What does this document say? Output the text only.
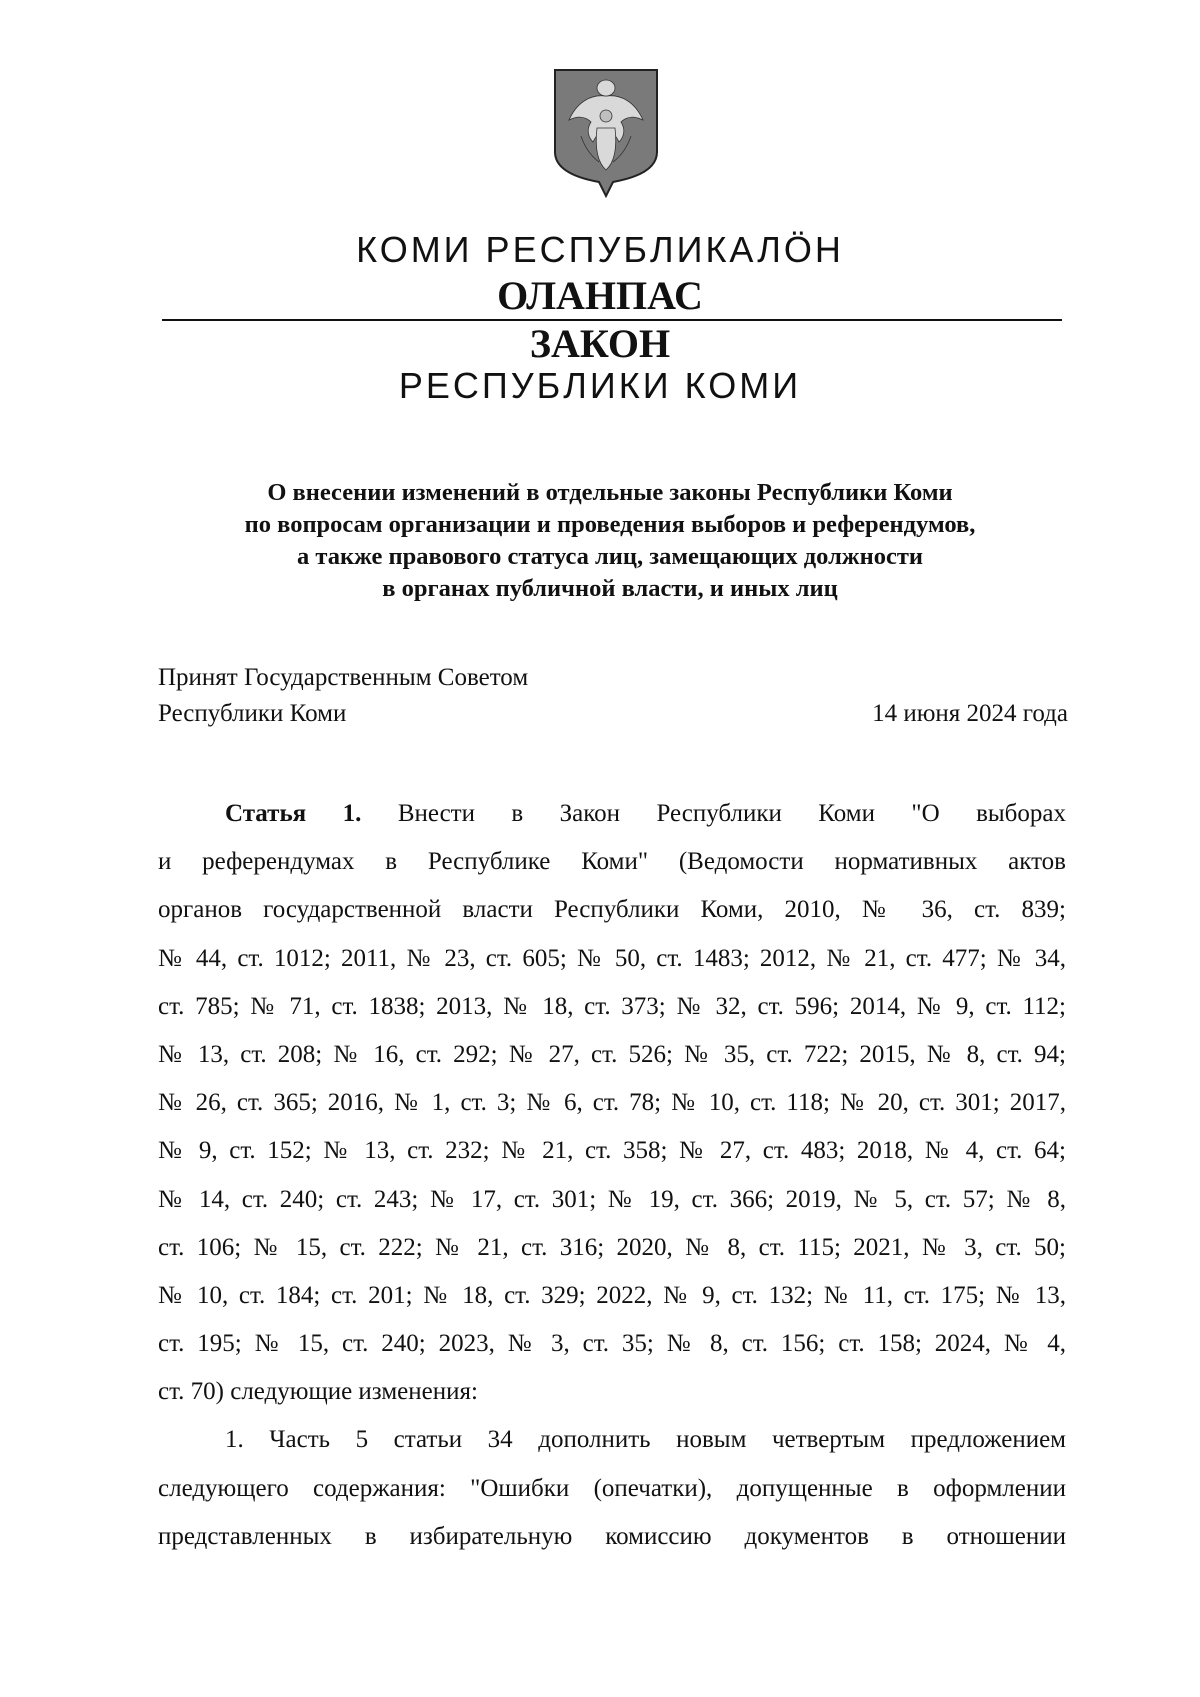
КОМИ РЕСПУБЛИКАЛÖН
ОЛАНПАС
ЗАКОН
РЕСПУБЛИКИ КОМИ
О внесении изменений в отдельные законы Республики Коми
по вопросам организации и проведения выборов и референдумов,
а также правового статуса лиц, замещающих должности
в органах публичной власти, и иных лиц
Принят Государственным Советом
Республики Коми	14 июня 2024 года
Статья 1. Внести в Закон Республики Коми "О выборах
и референдумах в Республике Коми" (Ведомости нормативных актов
органов государственной власти Республики Коми, 2010, № 36, ст. 839;
№ 44, ст. 1012; 2011, № 23, ст. 605; № 50, ст. 1483; 2012, № 21, ст. 477; № 34,
ст. 785; № 71, ст. 1838; 2013, № 18, ст. 373; № 32, ст. 596; 2014, № 9, ст. 112;
№ 13, ст. 208; № 16, ст. 292; № 27, ст. 526; № 35, ст. 722; 2015, № 8, ст. 94;
№ 26, ст. 365; 2016, № 1, ст. 3; № 6, ст. 78; № 10, ст. 118; № 20, ст. 301; 2017,
№ 9, ст. 152; № 13, ст. 232; № 21, ст. 358; № 27, ст. 483; 2018, № 4, ст. 64;
№ 14, ст. 240; ст. 243; № 17, ст. 301; № 19, ст. 366; 2019, № 5, ст. 57; № 8,
ст. 106; № 15, ст. 222; № 21, ст. 316; 2020, № 8, ст. 115; 2021, № 3, ст. 50;
№ 10, ст. 184; ст. 201; № 18, ст. 329; 2022, № 9, ст. 132; № 11, ст. 175; № 13,
ст. 195; № 15, ст. 240; 2023, № 3, ст. 35; № 8, ст. 156; ст. 158; 2024, № 4,
ст. 70) следующие изменения:
1. Часть 5 статьи 34 дополнить новым четвертым предложением
следующего содержания: "Ошибки (опечатки), допущенные в оформлении
представленных в избирательную комиссию документов в отношении
